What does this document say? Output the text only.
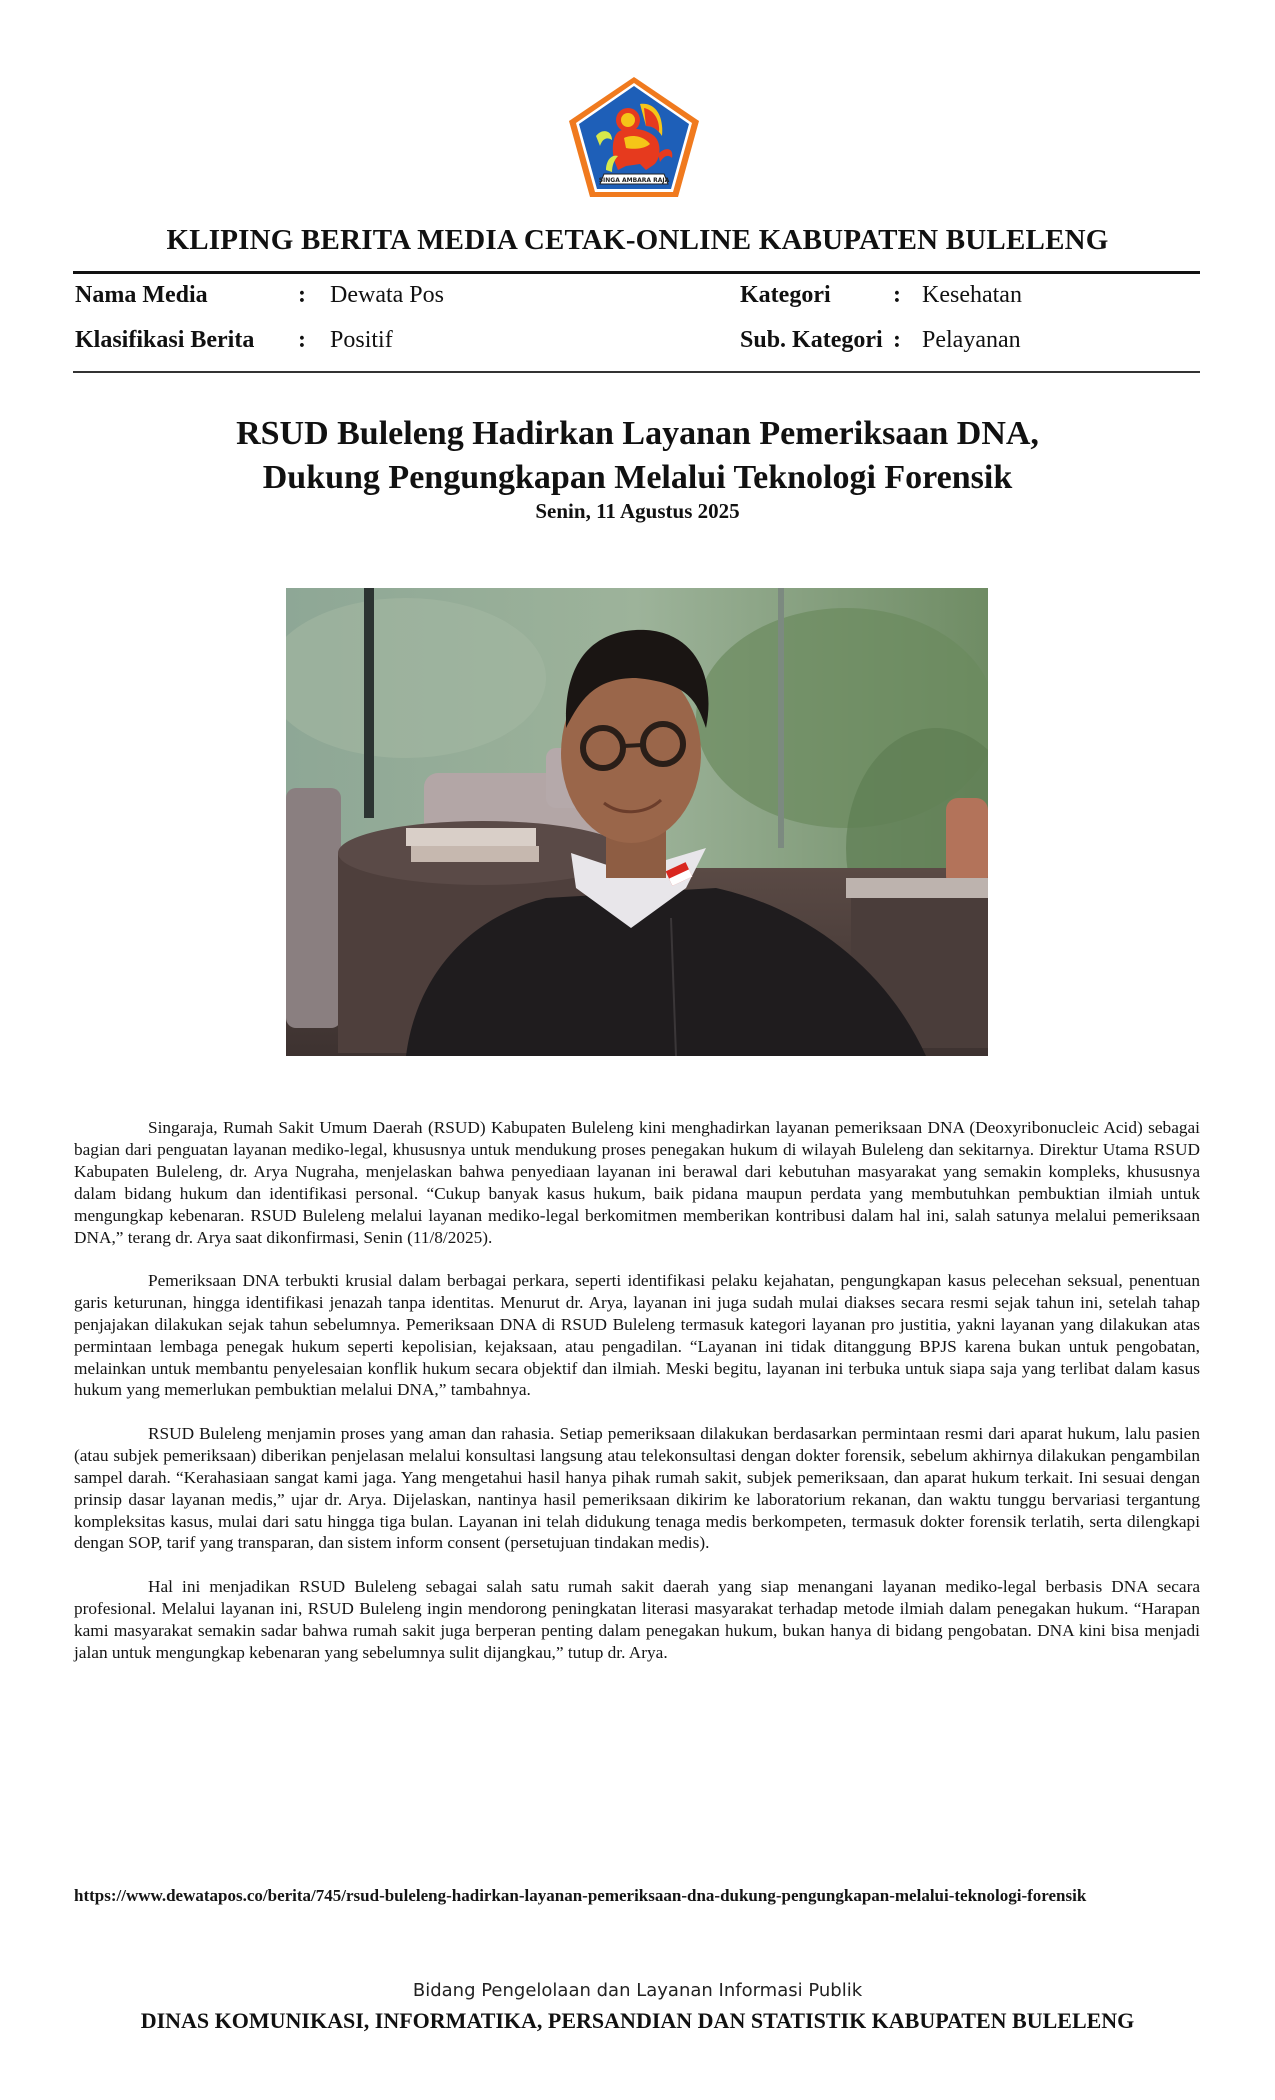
SINGA AMBARA RAJA
KLIPING BERITA MEDIA CETAK-ONLINE KABUPATEN BULELENG
Nama Media	: Dewata Pos
Klasifikasi Berita : Positif
Kategori	: Kesehatan
Sub. Kategori : Pelayanan
RSUD Buleleng Hadirkan Layanan Pemeriksaan DNA,
Dukung Pengungkapan Melalui Teknologi Forensik
Senin, 11 Agustus 2025

Singaraja, Rumah Sakit Umum Daerah (RSUD) Kabupaten Buleleng kini menghadirkan layanan pemeriksaan DNA (Deoxyribonucleic Acid) sebagai bagian dari penguatan layanan mediko-legal, khususnya untuk mendukung proses penegakan hukum di wilayah Buleleng dan sekitarnya. Direktur Utama RSUD Kabupaten Buleleng, dr. Arya Nugraha, menjelaskan bahwa penyediaan layanan ini berawal dari kebutuhan masyarakat yang semakin kompleks, khususnya dalam bidang hukum dan identifikasi personal. “Cukup banyak kasus hukum, baik pidana maupun perdata yang membutuhkan pembuktian ilmiah untuk mengungkap kebenaran. RSUD Buleleng melalui layanan mediko-legal berkomitmen memberikan kontribusi dalam hal ini, salah satunya melalui pemeriksaan DNA,” terang dr. Arya saat dikonfirmasi, Senin (11/8/2025).

Pemeriksaan DNA terbukti krusial dalam berbagai perkara, seperti identifikasi pelaku kejahatan, pengungkapan kasus pelecehan seksual, penentuan garis keturunan, hingga identifikasi jenazah tanpa identitas. Menurut dr. Arya, layanan ini juga sudah mulai diakses secara resmi sejak tahun ini, setelah tahap penjajakan dilakukan sejak tahun sebelumnya. Pemeriksaan DNA di RSUD Buleleng termasuk kategori layanan pro justitia, yakni layanan yang dilakukan atas permintaan lembaga penegak hukum seperti kepolisian, kejaksaan, atau pengadilan. “Layanan ini tidak ditanggung BPJS karena bukan untuk pengobatan, melainkan untuk membantu penyelesaian konflik hukum secara objektif dan ilmiah. Meski begitu, layanan ini terbuka untuk siapa saja yang terlibat dalam kasus hukum yang memerlukan pembuktian melalui DNA,” tambahnya.

RSUD Buleleng menjamin proses yang aman dan rahasia. Setiap pemeriksaan dilakukan berdasarkan permintaan resmi dari aparat hukum, lalu pasien (atau subjek pemeriksaan) diberikan penjelasan melalui konsultasi langsung atau telekonsultasi dengan dokter forensik, sebelum akhirnya dilakukan pengambilan sampel darah. “Kerahasiaan sangat kami jaga. Yang mengetahui hasil hanya pihak rumah sakit, subjek pemeriksaan, dan aparat hukum terkait. Ini sesuai dengan prinsip dasar layanan medis,” ujar dr. Arya. Dijelaskan, nantinya hasil pemeriksaan dikirim ke laboratorium rekanan, dan waktu tunggu bervariasi tergantung kompleksitas kasus, mulai dari satu hingga tiga bulan. Layanan ini telah didukung tenaga medis berkompeten, termasuk dokter forensik terlatih, serta dilengkapi dengan SOP, tarif yang transparan, dan sistem inform consent (persetujuan tindakan medis).

Hal ini menjadikan RSUD Buleleng sebagai salah satu rumah sakit daerah yang siap menangani layanan mediko-legal berbasis DNA secara profesional. Melalui layanan ini, RSUD Buleleng ingin mendorong peningkatan literasi masyarakat terhadap metode ilmiah dalam penegakan hukum. “Harapan kami masyarakat semakin sadar bahwa rumah sakit juga berperan penting dalam penegakan hukum, bukan hanya di bidang pengobatan. DNA kini bisa menjadi jalan untuk mengungkap kebenaran yang sebelumnya sulit dijangkau,” tutup dr. Arya.

https://www.dewatapos.co/berita/745/rsud-buleleng-hadirkan-layanan-pemeriksaan-dna-dukung-pengungkapan-melalui-teknologi-forensik
Bidang Pengelolaan dan Layanan Informasi Publik
DINAS KOMUNIKASI, INFORMATIKA, PERSANDIAN DAN STATISTIK KABUPATEN BULELENG
